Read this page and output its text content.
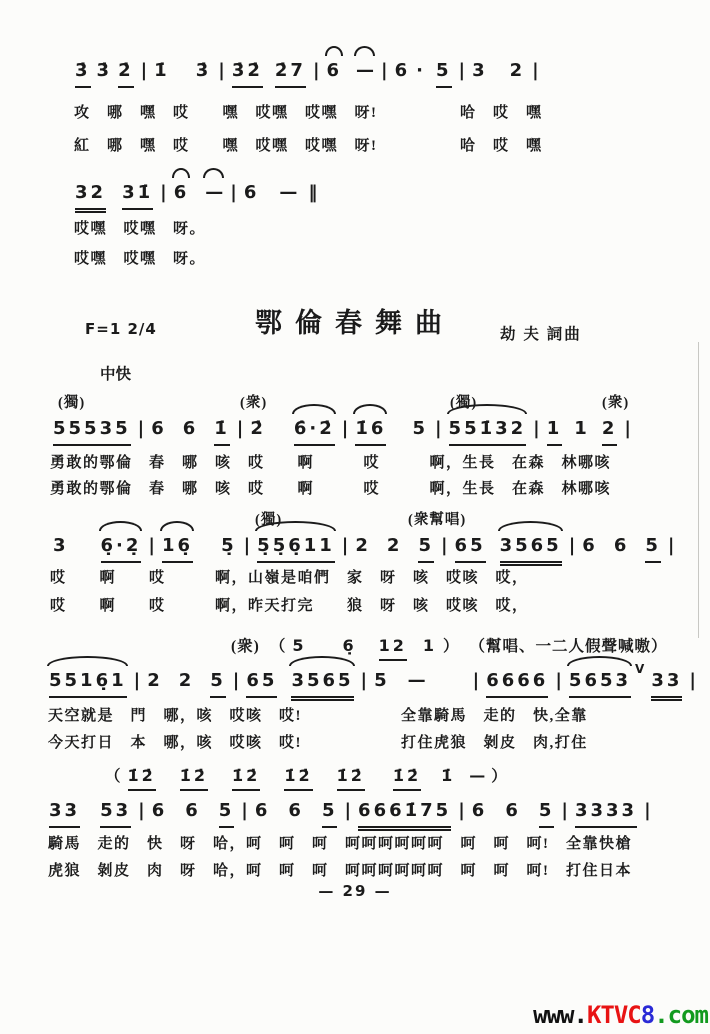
3̇ 3̇ 2̇ | 1̇ 3̇ | 3̇2̇ 2̇7 | 6 — | 6 · 5 | 3 2 |
攻　哪　嘿　哎　　嘿　哎嘿　哎嘿　呀!　　　　　哈　哎　嘿
紅　哪　嘿　哎　　嘿　哎嘿　哎嘿　呀!　　　　　哈　哎　嘿
32 31̇ | 6 — | 6 — ‖
哎嘿　哎嘿　呀。
哎嘿　哎嘿　呀。
F=1 2/4	鄂倫春舞曲	劫 夫 詞曲
中快
(獨)	(衆)	(獨)	(衆)
55535 | 6 6 1̇ | 2̇ 6̇·2̇ | 1̇6 5 | 551̇32 | 1 1 2 |
勇敢的鄂倫　春　哪　咳　哎　　啊　　　哎　　　啊，生長　在森　林哪咳
勇敢的鄂倫　春　哪　咳　哎　　啊　　　哎　　　啊，生長　在森　林哪咳
(獨)	(衆幫唱)
3 6̣·2̣ | 16̣ 5̣ | 5̣5̣6̣11 | 2 2 5 | 65 3565 | 6 6 5 |
哎　　啊　　哎　　　啊，山嶺是咱們　家　呀　咳　哎咳　哎，
哎　　啊　　哎　　　啊，昨天打完　　狼　呀　咳　哎咳　哎，
(衆) （ 5 6̣ 12 1 ） （幫唱、一二人假聲喊嗷）
5516̣1 | 2 2 5 | 65 3565 | 5 —	| 6666 | 5653V33 |
天空就是　門　哪，咳　哎咳　哎!　　　　　　全靠騎馬　走的　快,全靠
今天打日　本　哪，咳　哎咳　哎!　　　　　　打住虎狼　剝皮　肉,打住
（ 1̇2̇ 1̇2̇ 1̇2̇ 1̇2̇ 1̇2̇ 1̇2̇ 1̇ — ）
33 53 | 6 6 5 | 6 6 5 | 6661̇75 | 6 6 5 | 3333 |
騎馬　走的　快　呀　哈，呵　呵　呵　呵呵呵呵呵呵　呵　呵　呵!　全靠快槍
虎狼　剝皮　肉　呀　哈，呵　呵　呵　呵呵呵呵呵呵　呵　呵　呵!　打住日本
— 29 —
www.KTVC8.com
